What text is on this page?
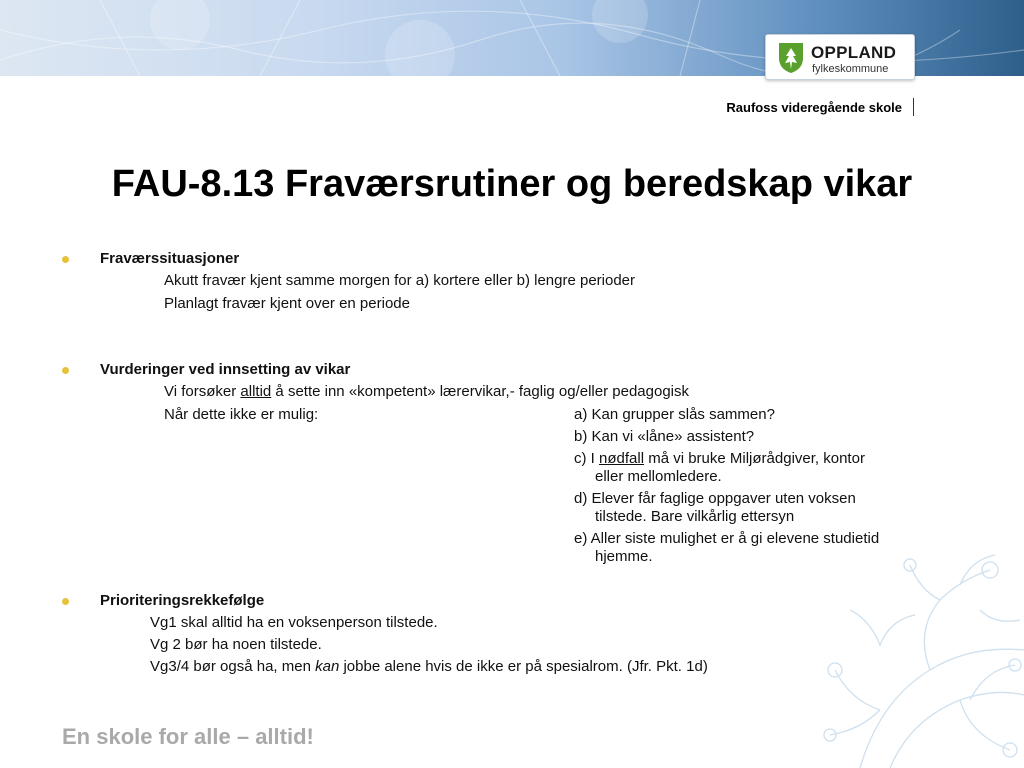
OPPLAND
fylkeskommune
Raufoss videregående skole
FAU-8.13 Fraværsrutiner og beredskap vikar
Fraværssituasjoner
Akutt fravær kjent samme morgen for a) kortere eller b) lengre perioder
Planlagt fravær kjent over en periode
Vurderinger ved innsetting av vikar
Vi forsøker alltid å sette inn «kompetent» lærervikar,- faglig og/eller pedagogisk
Når dette ikke er mulig:	a) Kan grupper slås sammen?
b) Kan vi «låne» assistent?
c) I nødfall må vi bruke Miljørådgiver, kontor
eller mellomledere.
d) Elever får faglige oppgaver uten voksen
tilstede. Bare vilkårlig ettersyn
e) Aller siste mulighet er å gi elevene studietid
hjemme.
Prioriteringsrekkefølge
Vg1 skal alltid ha en voksenperson tilstede.
Vg 2 bør ha noen tilstede.
Vg3/4 bør også ha, men kan jobbe alene hvis de ikke er på spesialrom. (Jfr. Pkt. 1d)
En skole for alle – alltid!
